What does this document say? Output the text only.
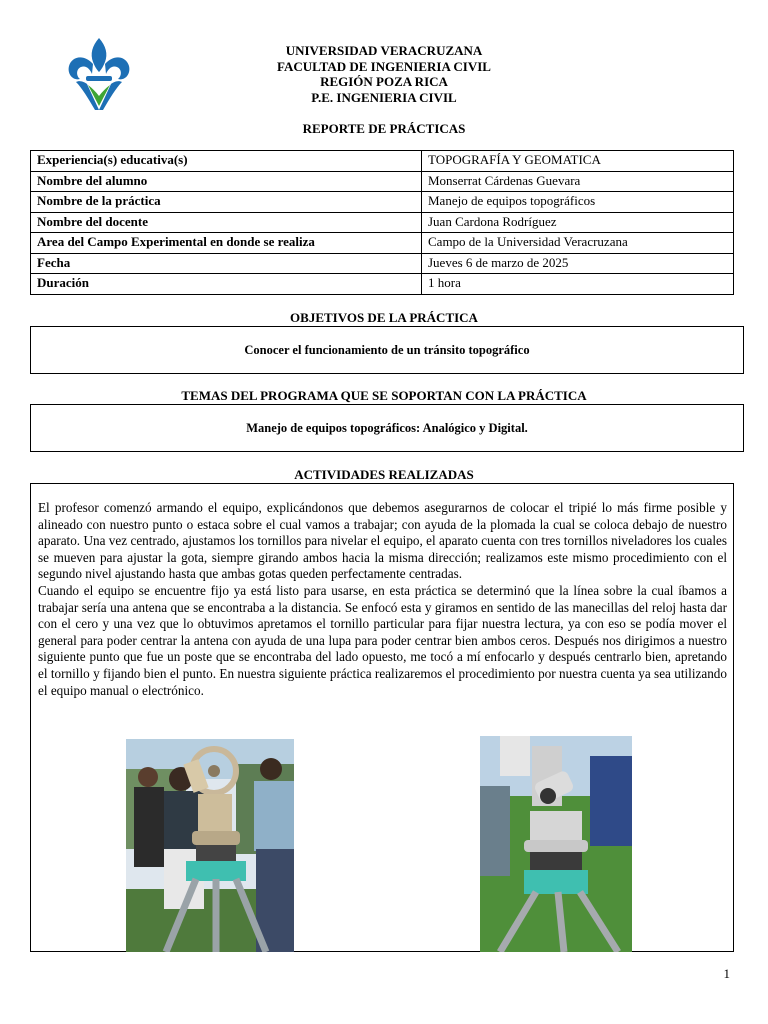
UNIVERSIDAD VERACRUZANA
FACULTAD DE INGENIERIA CIVIL
REGIÓN POZA RICA
P.E. INGENIERIA CIVIL
REPORTE DE PRÁCTICAS
Experiencia(s) educativa(s)	TOPOGRAFÍA Y GEOMATICA
Nombre del alumno	Monserrat Cárdenas Guevara
Nombre de la práctica	Manejo de equipos topográficos
Nombre del docente	Juan Cardona Rodríguez
Area del Campo Experimental en donde se realiza	Campo de la Universidad Veracruzana
Fecha	Jueves 6 de marzo de 2025
Duración	1 hora
OBJETIVOS DE LA PRÁCTICA
Conocer el funcionamiento de un tránsito topográfico
TEMAS DEL PROGRAMA QUE SE SOPORTAN CON LA PRÁCTICA
Manejo de equipos topográficos: Analógico y Digital.
ACTIVIDADES REALIZADAS

El profesor comenzó armando el equipo, explicándonos que debemos asegurarnos de colocar el tripié lo más firme posible y alineado con nuestro punto o estaca sobre el cual vamos a trabajar; con ayuda de la plomada la cual se coloca debajo de nuestro aparato. Una vez centrado, ajustamos los tornillos para nivelar el equipo, el aparato cuenta con tres tornillos niveladores los cuales se mueven para ajustar la gota, siempre girando ambos hacia la misma dirección; realizamos este mismo procedimiento con el segundo nivel ajustando hasta que ambas gotas queden perfectamente centradas.

Cuando el equipo se encuentre fijo ya está listo para usarse, en esta práctica se determinó que la línea sobre la cual íbamos a trabajar sería una antena que se encontraba a la distancia. Se enfocó esta y giramos en sentido de las manecillas del reloj hasta dar con el cero y una vez que lo obtuvimos apretamos el tornillo particular para fijar nuestra lectura, ya con eso se podía mover el general para poder centrar la antena con ayuda de una lupa para poder centrar bien ambos ceros. Después nos dirigimos a nuestro siguiente punto que fue un poste que se encontraba del lado opuesto, me tocó a mí enfocarlo y después centrarlo bien, apretando el tornillo y fijando bien el punto. En nuestra siguiente práctica realizaremos el procedimiento por nuestra cuenta ya sea utilizando el equipo manual o electrónico.

1
